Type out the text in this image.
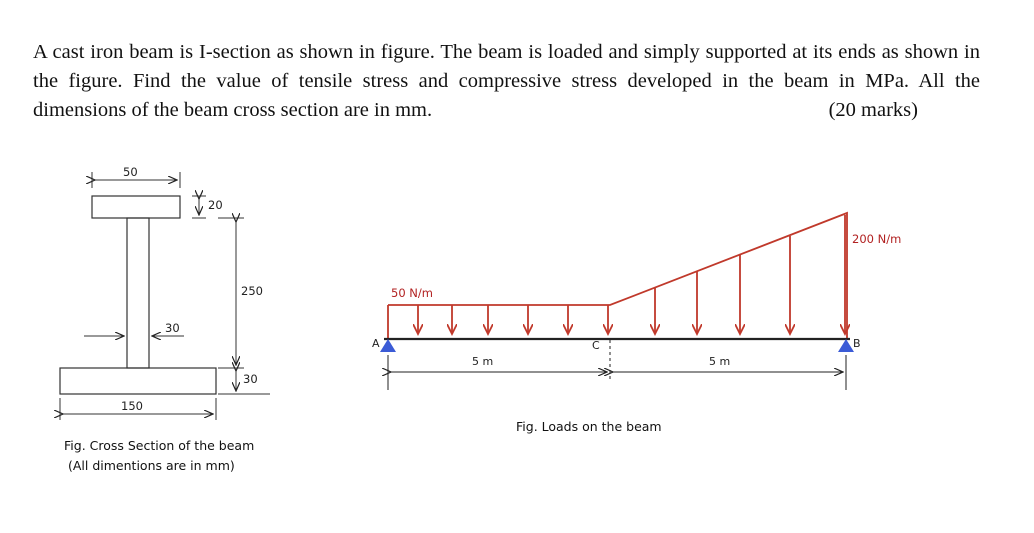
A cast iron beam is I-section as shown in figure. The beam is loaded and simply supported at its ends as shown in the figure. Find the value of tensile stress and compressive stress developed in the beam in MPa. All the dimensions of the beam cross section are in mm.	(20 marks)
50
20
250
30
30
150
Fig. Cross Section of the beam
(All dimentions are in mm)
A	B
C
50 N/m
200 N/m
5 m	5 m
Fig. Loads on the beam
